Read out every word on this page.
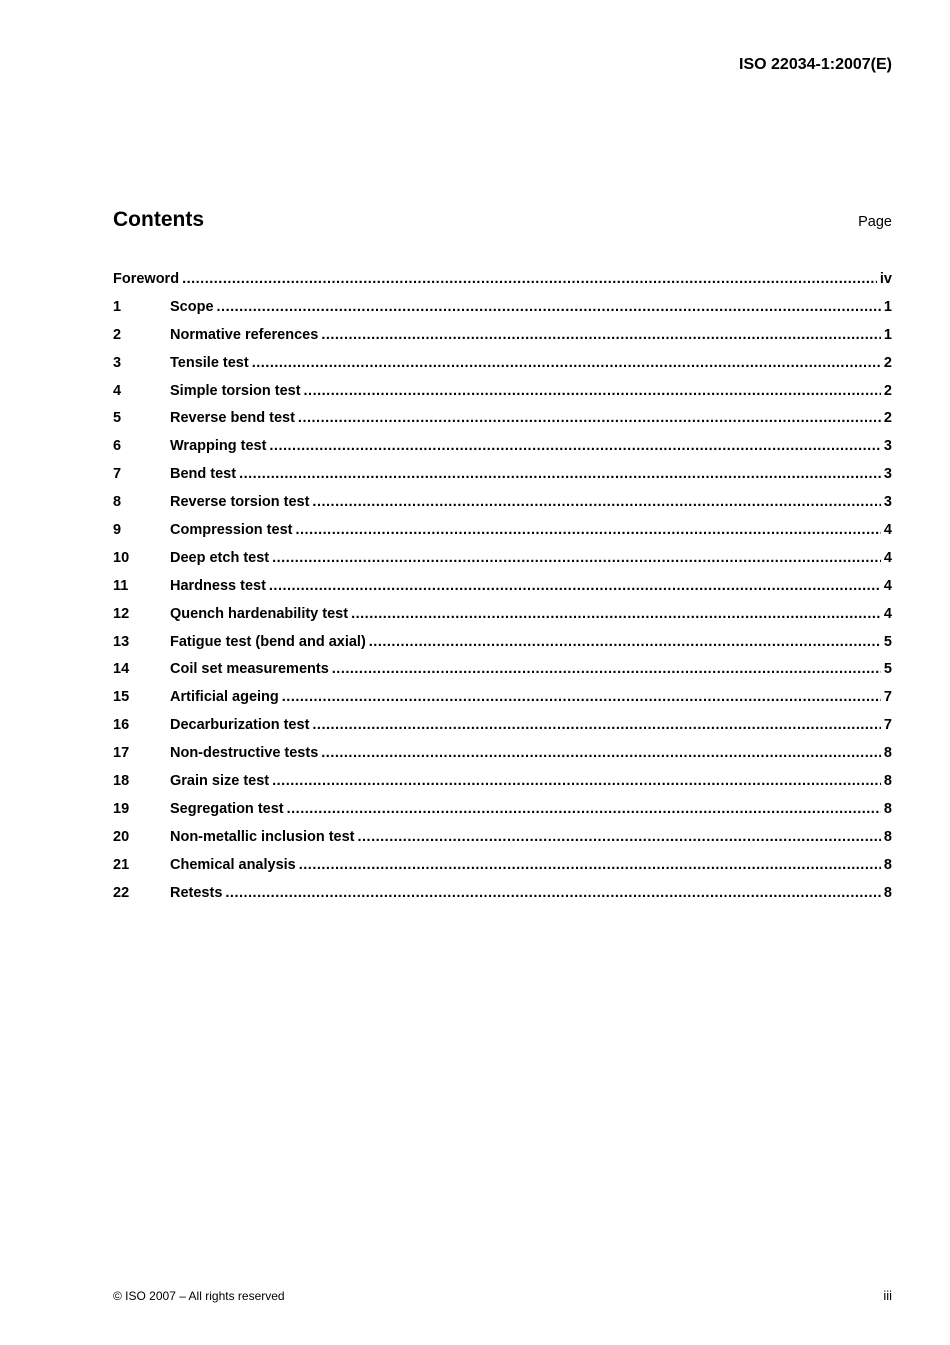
ISO 22034-1:2007(E)
Contents	Page
Foreword .....	iv
1	Scope .....	1
2	Normative references .....	1
3	Tensile test .....	2
4	Simple torsion test .....	2
5	Reverse bend test .....	2
6	Wrapping test .....	3
7	Bend test .....	3
8	Reverse torsion test .....	3
9	Compression test .....	4
10	Deep etch test .....	4
11	Hardness test .....	4
12	Quench hardenability test .....	4
13	Fatigue test (bend and axial) .....	5
14	Coil set measurements .....	5
15	Artificial ageing .....	7
16	Decarburization test .....	7
17	Non-destructive tests .....	8
18	Grain size test .....	8
19	Segregation test .....	8
20	Non-metallic inclusion test .....	8
21	Chemical analysis .....	8
22	Retests .....	8
© ISO 2007 – All rights reserved	iii
